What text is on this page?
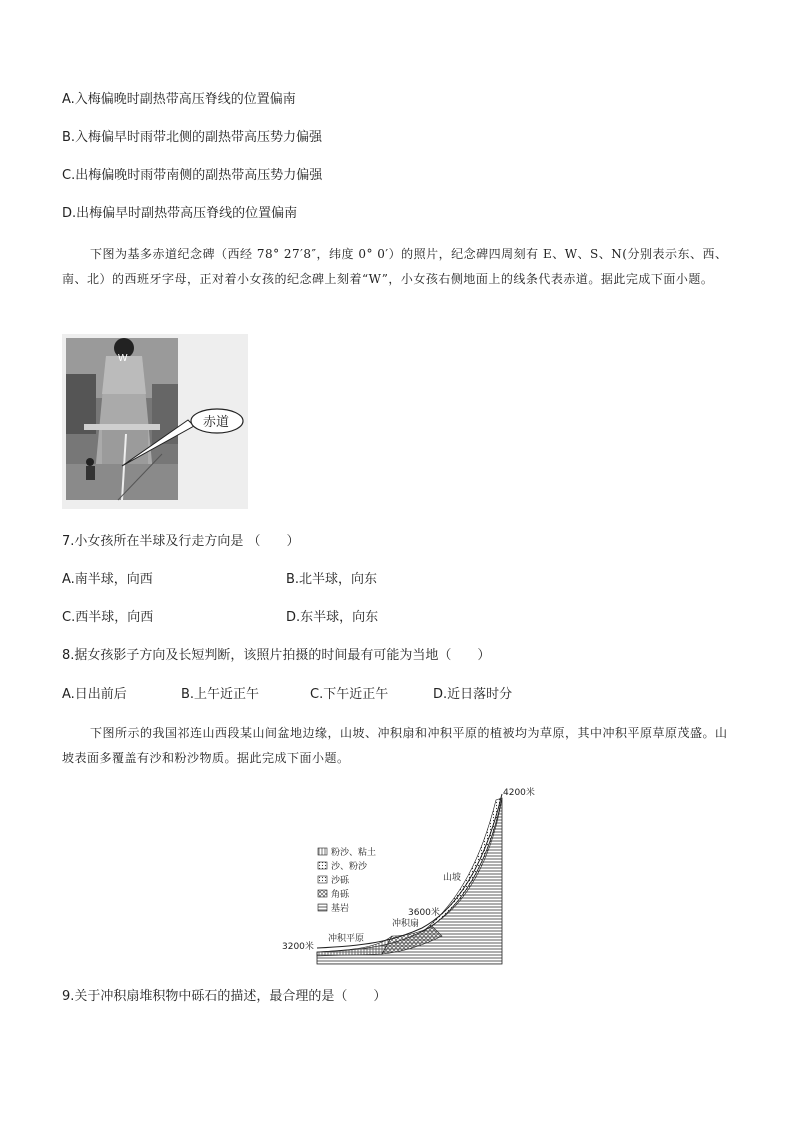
A.入梅偏晚时副热带高压脊线的位置偏南
B.入梅偏早时雨带北侧的副热带高压势力偏强
C.出梅偏晚时雨带南侧的副热带高压势力偏强
D.出梅偏早时副热带高压脊线的位置偏南
下图为基多赤道纪念碑（西经 78° 27′8″，纬度 0° 0′）的照片，纪念碑四周刻有 E、W、S、N(分别表示东、西、南、北）的西班牙字母，正对着小女孩的纪念碑上刻着“W”，小女孩右侧地面上的线条代表赤道。据此完成下面小题。
W
赤道
7.小女孩所在半球及行走方向是 （　　）
A.南半球，向西	B.北半球，向东
C.西半球，向西	D.东半球，向东
8.据女孩影子方向及长短判断，该照片拍摄的时间最有可能为当地（　　）
A.日出前后	B.上午近正午	C.下午近正午	D.近日落时分
下图所示的我国祁连山西段某山间盆地边缘，山坡、冲积扇和冲积平原的植被均为草原，其中冲积平原草原茂盛。山坡表面多覆盖有沙和粉沙物质。据此完成下面小题。
粉沙、粘土
沙、粉沙
沙砾
角砾
基岩
4200米
山坡
3600米
冲积扇
冲积平原
3200米
9.关于冲积扇堆积物中砾石的描述，最合理的是（　　）
